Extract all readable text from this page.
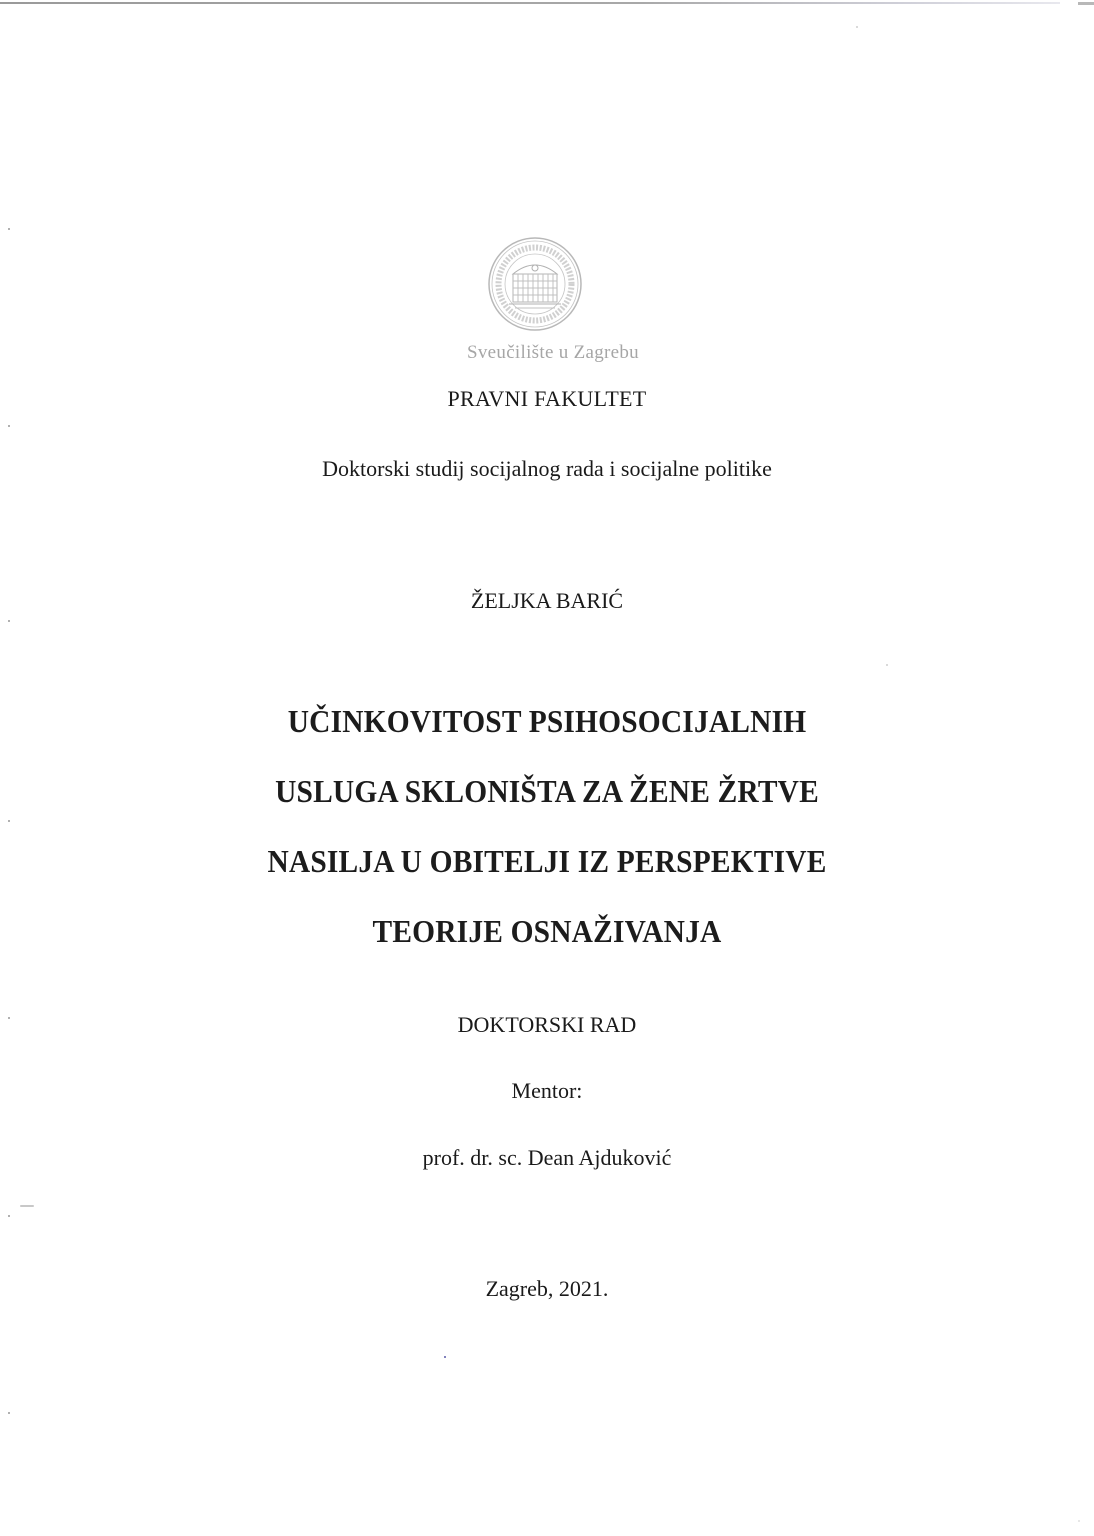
Sveučilište u Zagrebu
PRAVNI FAKULTET
Doktorski studij socijalnog rada i socijalne politike
ŽELJKA BARIĆ
UČINKOVITOST PSIHOSOCIJALNIH
USLUGA SKLONIŠTA ZA ŽENE ŽRTVE
NASILJA U OBITELJI IZ PERSPEKTIVE
TEORIJE OSNAŽIVANJA
DOKTORSKI RAD
Mentor:
prof. dr. sc. Dean Ajduković
Zagreb, 2021.
